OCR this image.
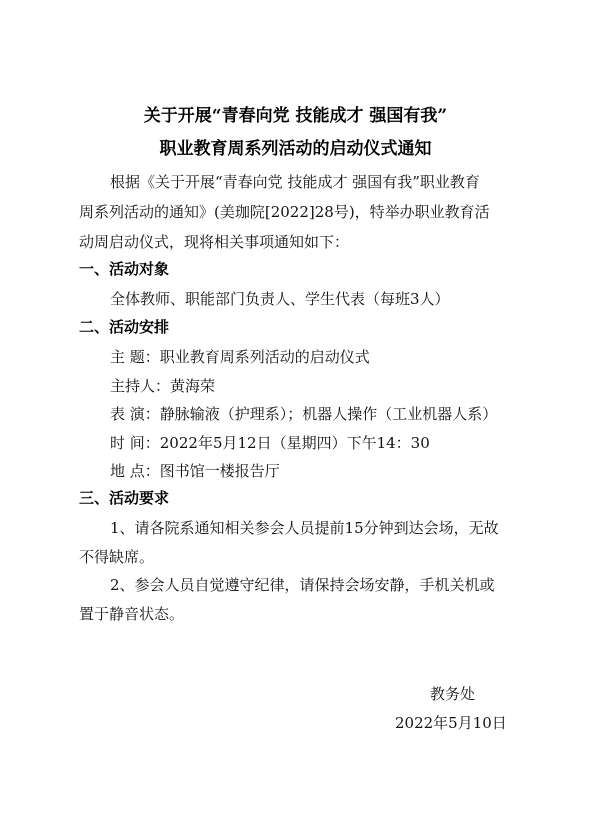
关于开展“青春向党 技能成才 强国有我”
职业教育周系列活动的启动仪式通知
根据《关于开展“青春向党 技能成才 强国有我”职业教育
周系列活动的通知》(美珈院[2022]28号)，特举办职业教育活
动周启动仪式，现将相关事项通知如下：
一、活动对象
全体教师、职能部门负责人、学生代表（每班3人）
二、活动安排
主 题：职业教育周系列活动的启动仪式
主持人：黄海荣
表 演：静脉输液（护理系）；机器人操作（工业机器人系）
时 间：2022年5月12日（星期四）下午14：30
地 点：图书馆一楼报告厅
三、活动要求
1、请各院系通知相关参会人员提前15分钟到达会场，无故
不得缺席。
2、参会人员自觉遵守纪律，请保持会场安静，手机关机或
置于静音状态。
教务处
2022年5月10日
